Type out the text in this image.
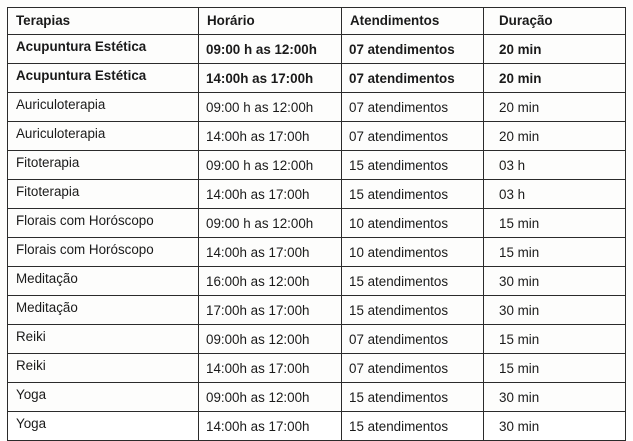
Terapias	Horário	Atendimentos	Duração
Acupuntura Estética	09:00 h as 12:00h	07 atendimentos	20 min
Acupuntura Estética	14:00h as 17:00h	07 atendimentos	20 min
Auriculoterapia	09:00 h as 12:00h	07 atendimentos	20 min
Auriculoterapia	14:00h as 17:00h	07 atendimentos	20 min
Fitoterapia	09:00 h as 12:00h	15 atendimentos	03 h
Fitoterapia	14:00h as 17:00h	15 atendimentos	03 h
Florais com Horóscopo	09:00 h as 12:00h	10 atendimentos	15 min
Florais com Horóscopo	14:00h as 17:00h	10 atendimentos	15 min
Meditação	16:00h as 12:00h	15 atendimentos	30 min
Meditação	17:00h as 17:00h	15 atendimentos	30 min
Reiki	09:00h as 12:00h	07 atendimentos	15 min
Reiki	14:00h as 17:00h	07 atendimentos	15 min
Yoga	09:00h as 12:00h	15 atendimentos	30 min
Yoga	14:00h as 17:00h	15 atendimentos	30 min
